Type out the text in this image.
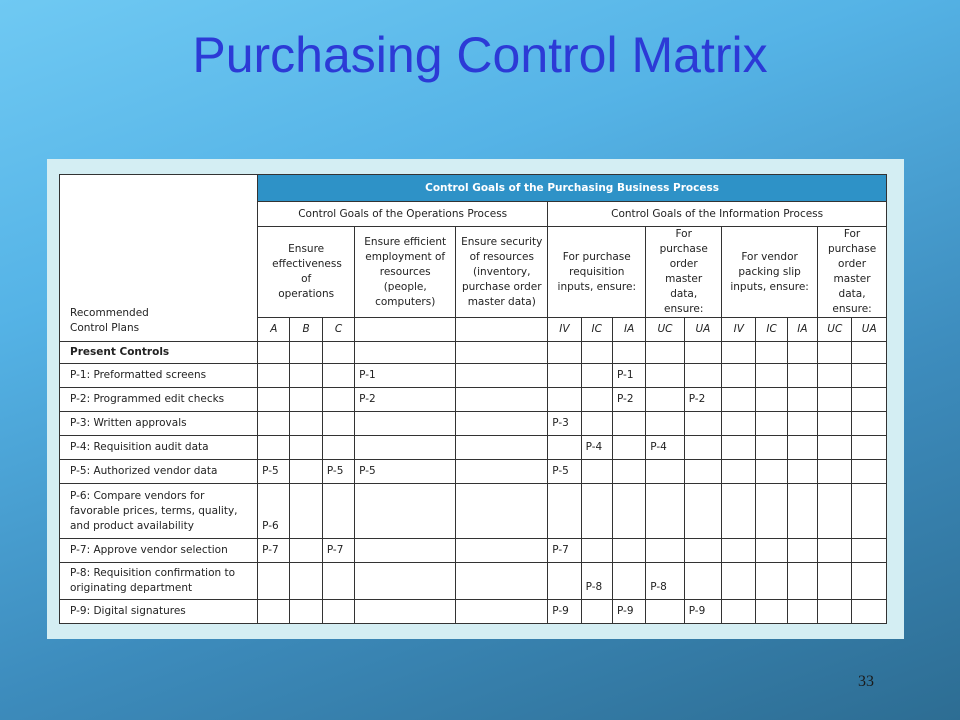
Purchasing Control Matrix
Recommended
Control Plans	Control Goals of the Purchasing Business Process														
	Control Goals of the Operations Process					Control Goals of the Information Process									

	Ensure effectiveness of operations			Ensure efficient employment of resources (people, computers)	Ensure security of resources (inventory, purchase order master data)	For purchase requisition inputs, ensure:			For purchase order master data, ensure:		For vendor packing slip inputs, ensure:			For purchase order master data, ensure:	

	A	B	C			IV	IC	IA	UC	UA	IV	IC	IA	UC	UA
Present Controls															
P-1: Preformatted screens				P-1				P-1							
P-2: Programmed edit checks				P-2				P-2		P-2					
P-3: Written approvals						P-3									
P-4: Requisition audit data							P-4		P-4						
P-5: Authorized vendor data	P-5		P-5	P-5		P-5									
P-6: Compare vendors for favorable prices, terms, quality, and product availability	P-6														
P-7: Approve vendor selection	P-7		P-7			P-7									
P-8: Requisition confirmation to originating department							P-8		P-8						
P-9: Digital signatures						P-9		P-9		P-9					
33
